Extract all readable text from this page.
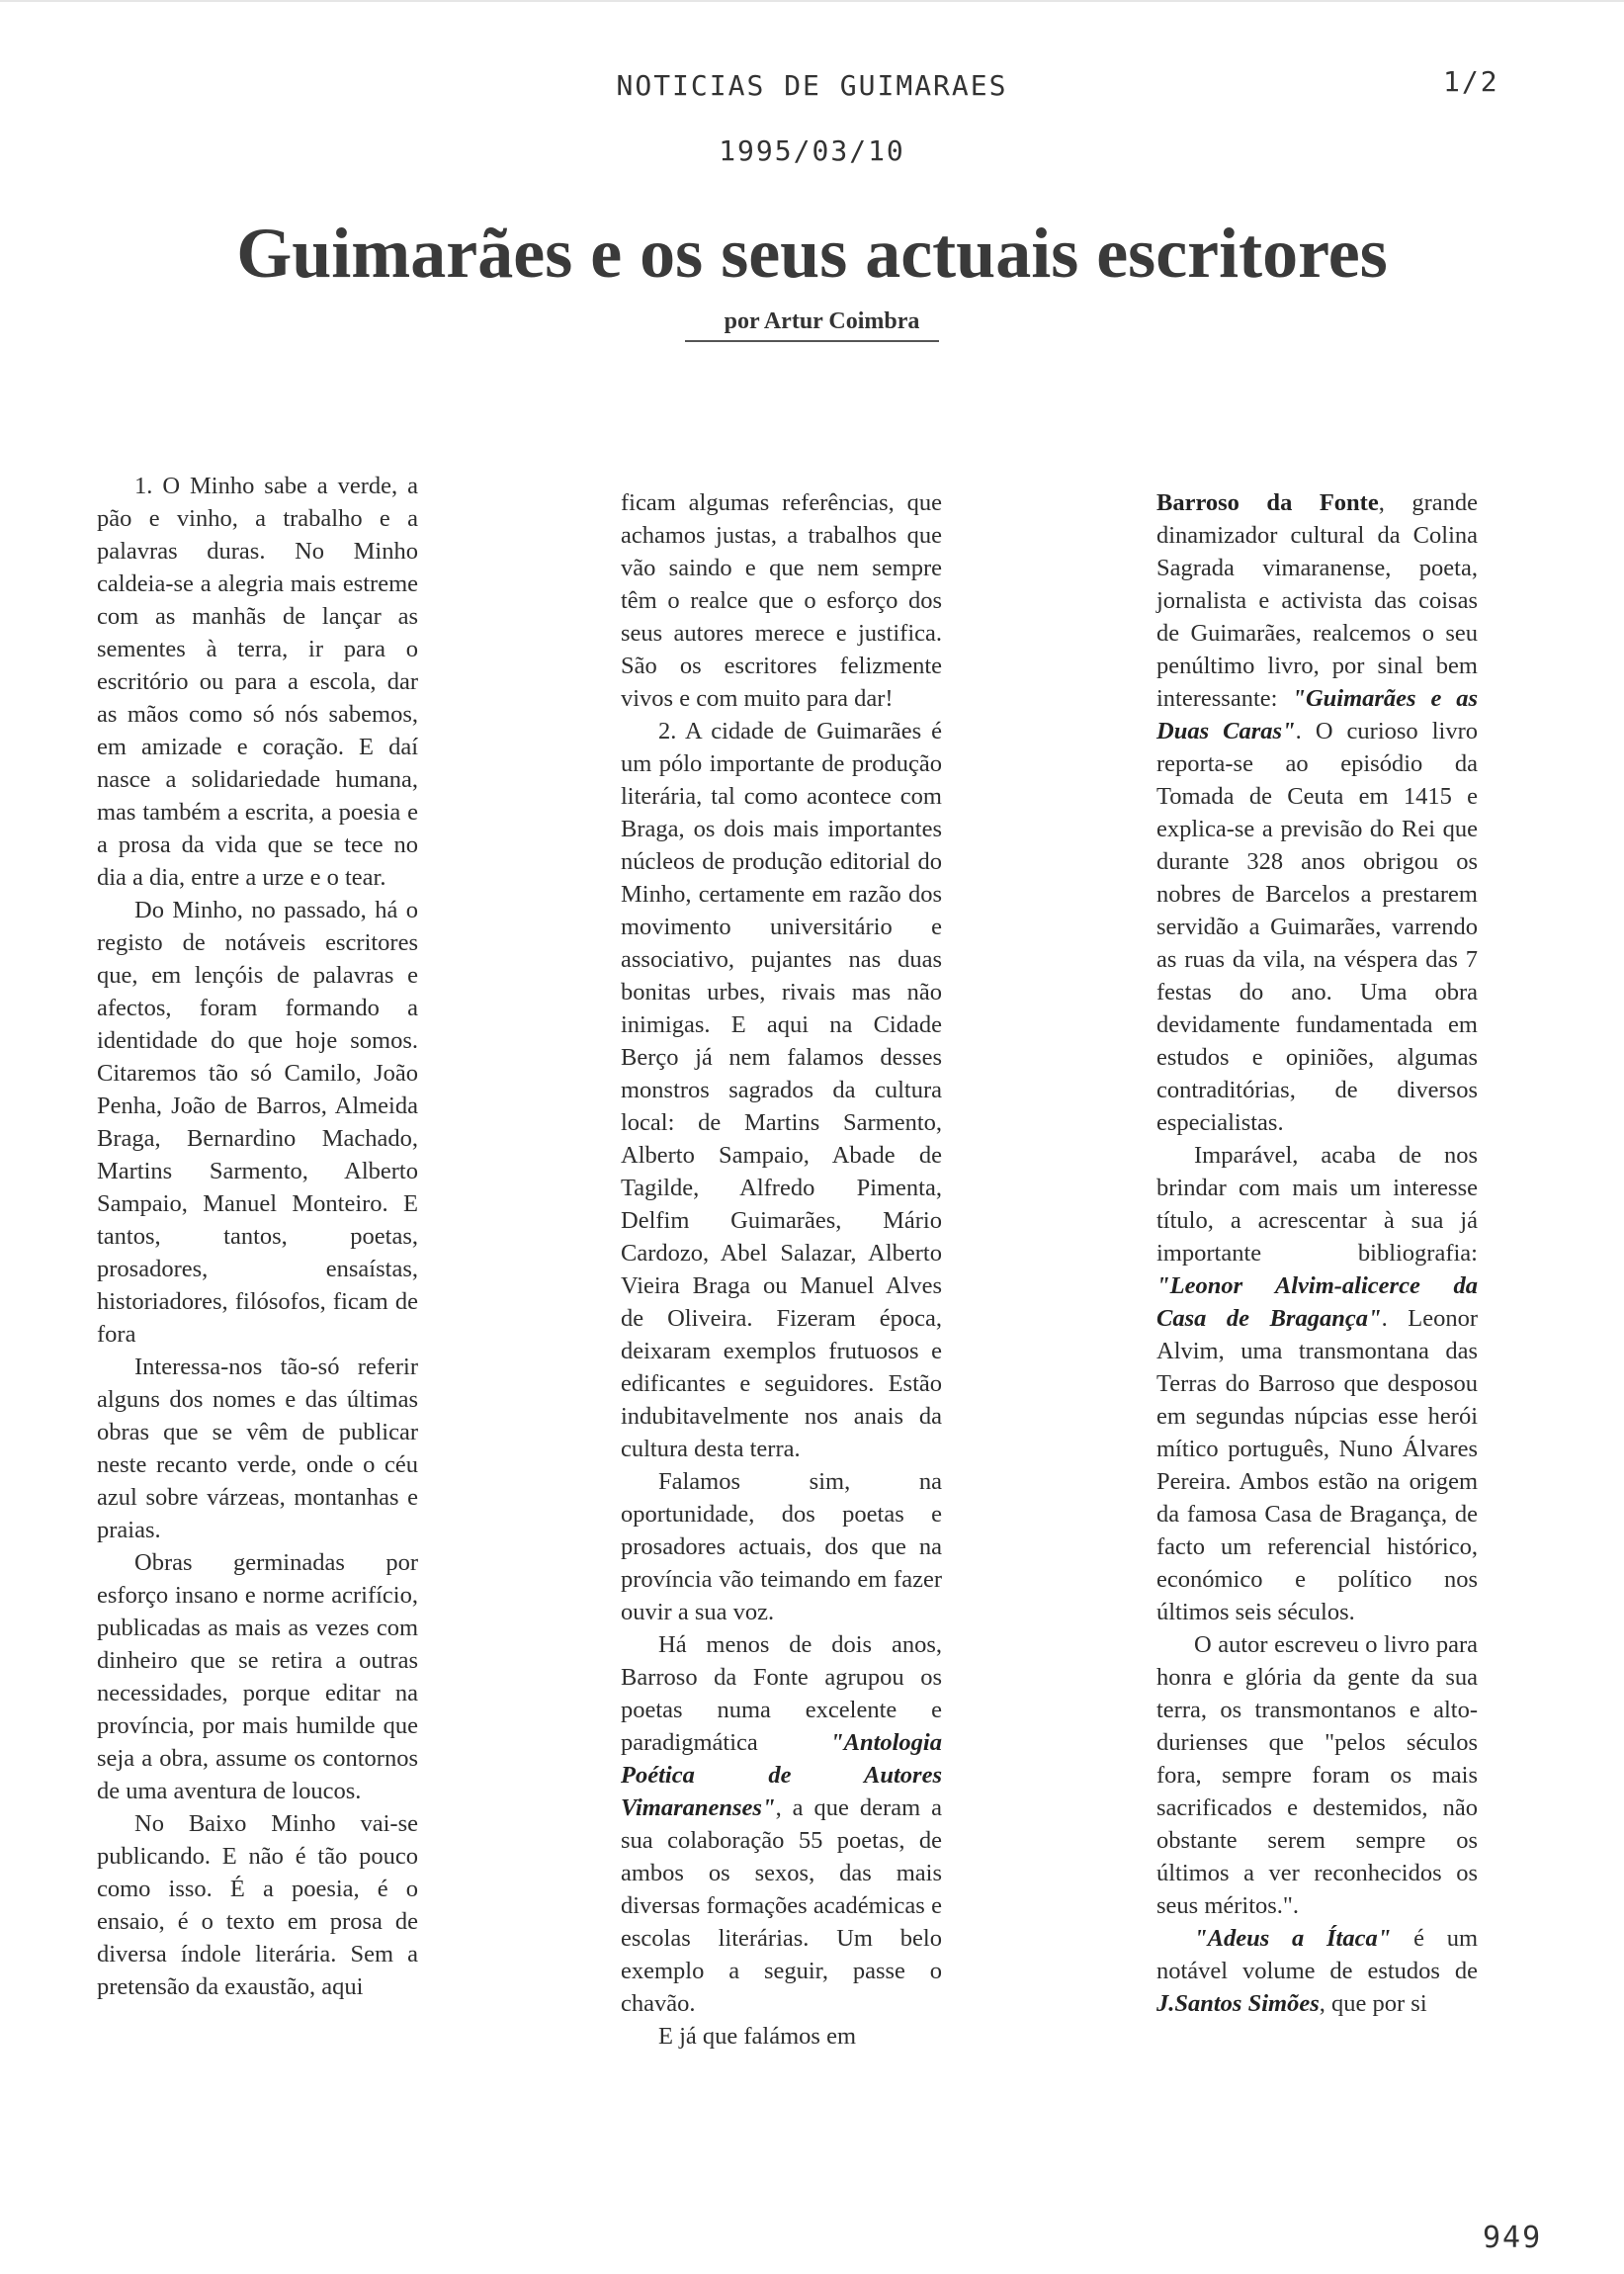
NOTICIAS DE GUIMARAES	1/2
1995/03/10

Guimarães e os seus actuais escritores
por Artur Coimbra

1. O Minho sabe a verde, a pão e vinho, a trabalho e a palavras duras. No Minho caldeia-se a alegria mais estreme com as manhãs de lançar as sementes à terra, ir para o escritório ou para a escola, dar as mãos como só nós sabemos, em amizade e coração. E daí nasce a solidariedade humana, mas também a escrita, a poesia e a prosa da vida que se tece no dia a dia, entre a urze e o tear.

Do Minho, no passado, há o registo de notáveis escritores que, em lençóis de palavras e afectos, foram formando a identidade do que hoje somos. Citaremos tão só Camilo, João Penha, João de Barros, Almeida Braga, Bernardino Machado, Martins Sarmento, Alberto Sampaio, Manuel Monteiro. E tantos, tantos, poetas, prosadores, ensaístas, historiadores, filósofos, ficam de fora

Interessa-nos tão-só referir alguns dos nomes e das últimas obras que se vêm de publicar neste recanto verde, onde o céu azul sobre várzeas, montanhas e praias.

Obras germinadas por esforço insano e norme acrifício, publicadas as mais as vezes com dinheiro que se retira a outras necessidades, porque editar na província, por mais humilde que seja a obra, assume os contornos de uma aventura de loucos.

No Baixo Minho vai-se publicando. E não é tão pouco como isso. É a poesia, é o ensaio, é o texto em prosa de diversa índole literária. Sem a pretensão da exaustão, aqui

ficam algumas referências, que achamos justas, a trabalhos que vão saindo e que nem sempre têm o realce que o esforço dos seus autores merece e justifica. São os escritores felizmente vivos e com muito para dar!

2. A cidade de Guimarães é um pólo importante de produção literária, tal como acontece com Braga, os dois mais importantes núcleos de produção editorial do Minho, certamente em razão dos movimento universitário e associativo, pujantes nas duas bonitas urbes, rivais mas não inimigas. E aqui na Cidade Berço já nem falamos desses monstros sagrados da cultura local: de Martins Sarmento, Alberto Sampaio, Abade de Tagilde, Alfredo Pimenta, Delfim Guimarães, Mário Cardozo, Abel Salazar, Alberto Vieira Braga ou Manuel Alves de Oliveira. Fizeram época, deixaram exemplos frutuosos e edificantes e seguidores. Estão indubitavelmente nos anais da cultura desta terra.

Falamos sim, na oportunidade, dos poetas e prosadores actuais, dos que na província vão teimando em fazer ouvir a sua voz.

Há menos de dois anos, Barroso da Fonte agrupou os poetas numa excelente e paradigmática "Antologia Poética de Autores Vimaranenses", a que deram a sua colaboração 55 poetas, de ambos os sexos, das mais diversas formações académicas e escolas literárias. Um belo exemplo a seguir, passe o chavão.

E já que falámos em

Barroso da Fonte, grande dinamizador cultural da Colina Sagrada vimaranense, poeta, jornalista e activista das coisas de Guimarães, realcemos o seu penúltimo livro, por sinal bem interessante: "Guimarães e as Duas Caras". O curioso livro reporta-se ao episódio da Tomada de Ceuta em 1415 e explica-se a previsão do Rei que durante 328 anos obrigou os nobres de Barcelos a prestarem servidão a Guimarães, varrendo as ruas da vila, na véspera das 7 festas do ano. Uma obra devidamente fundamentada em estudos e opiniões, algumas contraditórias, de diversos especialistas.

Imparável, acaba de nos brindar com mais um interesse título, a acrescentar à sua já importante bibliografia: "Leonor Alvim-alicerce da Casa de Bragança". Leonor Alvim, uma transmontana das Terras do Barroso que desposou em segundas núpcias esse herói mítico português, Nuno Álvares Pereira. Ambos estão na origem da famosa Casa de Bragança, de facto um referencial histórico, económico e político nos últimos seis séculos.

O autor escreveu o livro para honra e glória da gente da sua terra, os transmontanos e alto-durienses que "pelos séculos fora, sempre foram os mais sacrificados e destemidos, não obstante serem sempre os últimos a ver reconhecidos os seus méritos.".

"Adeus a Ítaca" é um notável volume de estudos de J.Santos Simões, que por si

949
